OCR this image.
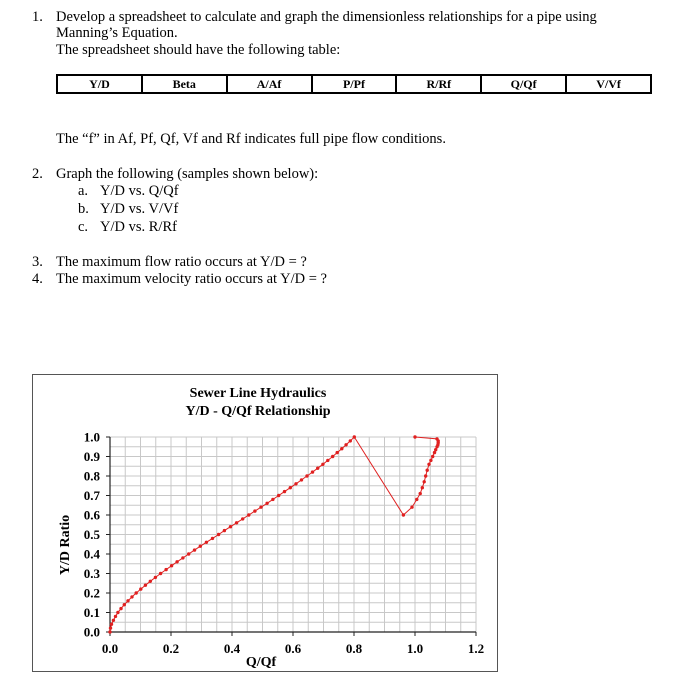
1. Develop a spreadsheet to calculate and graph the dimensionless relationships for a pipe using
Manning’s Equation.
The spreadsheet should have the following table:
Y/D	Beta	A/Af	P/Pf	R/Rf	Q/Qf	V/Vf
The “f” in Af, Pf, Qf, Vf and Rf indicates full pipe flow conditions.
2. Graph the following (samples shown below):
a. Y/D vs. Q/Qf
b. Y/D vs. V/Vf
c. Y/D vs. R/Rf
3. The maximum flow ratio occurs at Y/D = ?
4. The maximum velocity ratio occurs at Y/D = ?
0.0	0.2	0.4	0.6	0.8	1.0	1.2
0.0
0.1
0.2
0.3
0.4
0.5
0.6
0.7
0.8
0.9
1.0
Sewer Line Hydraulics
Y/D - Q/Qf Relationship
Q/Qf
Y/D Ratio
